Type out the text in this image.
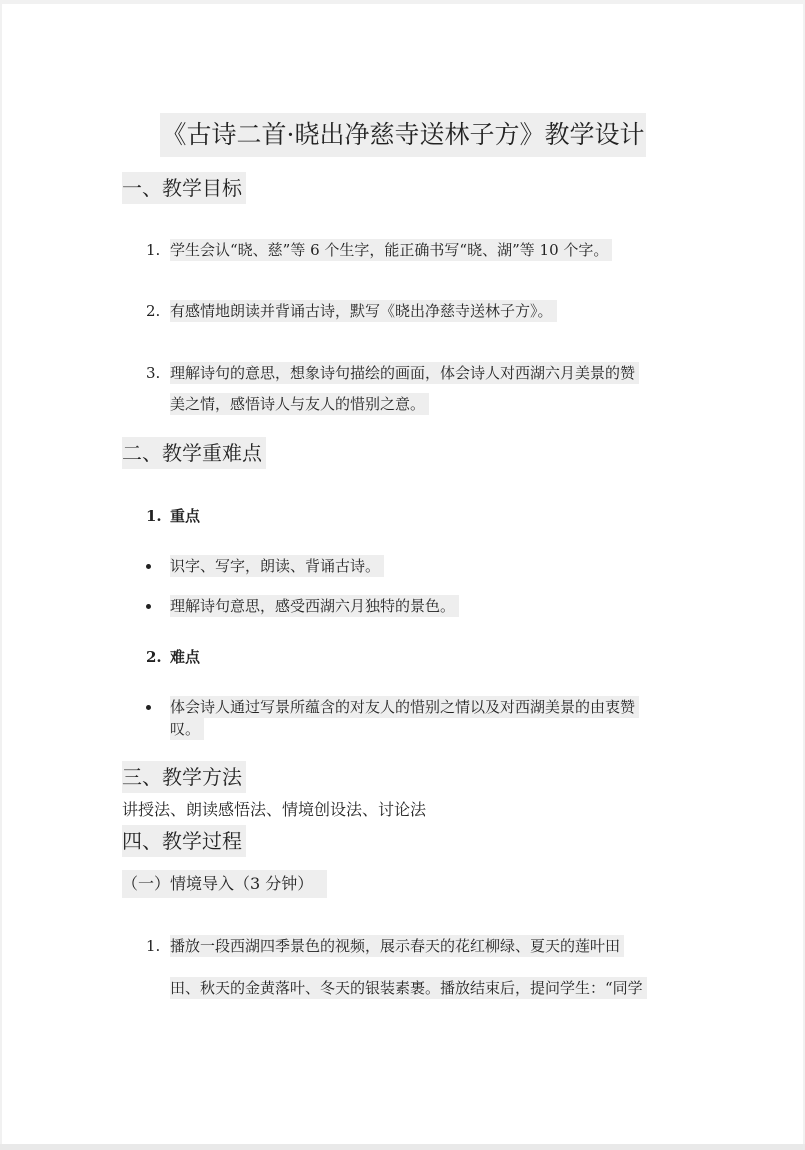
《古诗二首·晓出净慈寺送林子方》教学设计
一、教学目标
1. 学生会认“晓、慈”等 6 个生字，能正确书写“晓、湖”等 10 个字。
2. 有感情地朗读并背诵古诗，默写《晓出净慈寺送林子方》。
3. 理解诗句的意思，想象诗句描绘的画面，体会诗人对西湖六月美景的赞
美之情，感悟诗人与友人的惜别之意。
二、教学重难点
1. 重点
识字、写字，朗读、背诵古诗。
理解诗句意思，感受西湖六月独特的景色。
2. 难点
体会诗人通过写景所蕴含的对友人的惜别之情以及对西湖美景的由衷赞
叹。
三、教学方法
讲授法、朗读感悟法、情境创设法、讨论法
四、教学过程
（一）情境导入（3 分钟）
1. 播放一段西湖四季景色的视频，展示春天的花红柳绿、夏天的莲叶田
田、秋天的金黄落叶、冬天的银装素裹。播放结束后，提问学生：“同学
